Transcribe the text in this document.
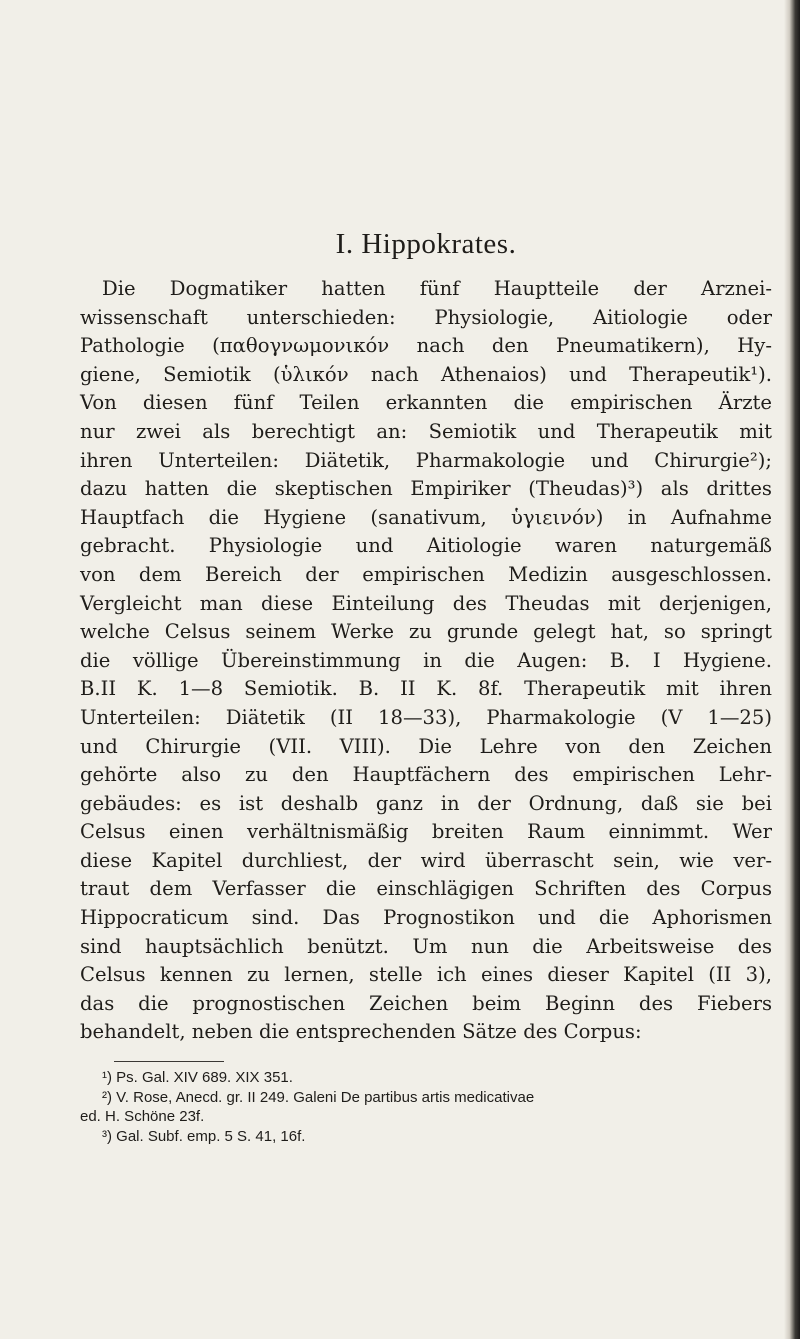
I. Hippokrates.
Die Dogmatiker hatten fünf Hauptteile der Arznei-
wissenschaft unterschieden: Physiologie, Aitiologie oder
Pathologie (παθογνωμονικόν nach den Pneumatikern), Hy-
giene, Semiotik (ὑλικόν nach Athenaios) und Therapeutik¹).
Von diesen fünf Teilen erkannten die empirischen Ärzte
nur zwei als berechtigt an: Semiotik und Therapeutik mit
ihren Unterteilen: Diätetik, Pharmakologie und Chirurgie²);
dazu hatten die skeptischen Empiriker (Theudas)³) als drittes
Hauptfach die Hygiene (sanativum, ὑγιεινόν) in Aufnahme
gebracht. Physiologie und Aitiologie waren naturgemäß
von dem Bereich der empirischen Medizin ausgeschlossen.
Vergleicht man diese Einteilung des Theudas mit derjenigen,
welche Celsus seinem Werke zu grunde gelegt hat, so springt
die völlige Übereinstimmung in die Augen: B. I Hygiene.
B.II K. 1—8 Semiotik. B. II K. 8f. Therapeutik mit ihren
Unterteilen: Diätetik (II 18—33), Pharmakologie (V 1—25)
und Chirurgie (VII. VIII). Die Lehre von den Zeichen
gehörte also zu den Hauptfächern des empirischen Lehr-
gebäudes: es ist deshalb ganz in der Ordnung, daß sie bei
Celsus einen verhältnismäßig breiten Raum einnimmt. Wer
diese Kapitel durchliest, der wird überrascht sein, wie ver-
traut dem Verfasser die einschlägigen Schriften des Corpus
Hippocraticum sind. Das Prognostikon und die Aphorismen
sind hauptsächlich benützt. Um nun die Arbeitsweise des
Celsus kennen zu lernen, stelle ich eines dieser Kapitel (II 3),
das die prognostischen Zeichen beim Beginn des Fiebers
behandelt, neben die entsprechenden Sätze des Corpus:
¹) Ps. Gal. XIV 689. XIX 351.
²) V. Rose, Anecd. gr. II 249. Galeni De partibus artis medicativae
ed. H. Schöne 23f.
³) Gal. Subf. emp. 5 S. 41, 16f.
